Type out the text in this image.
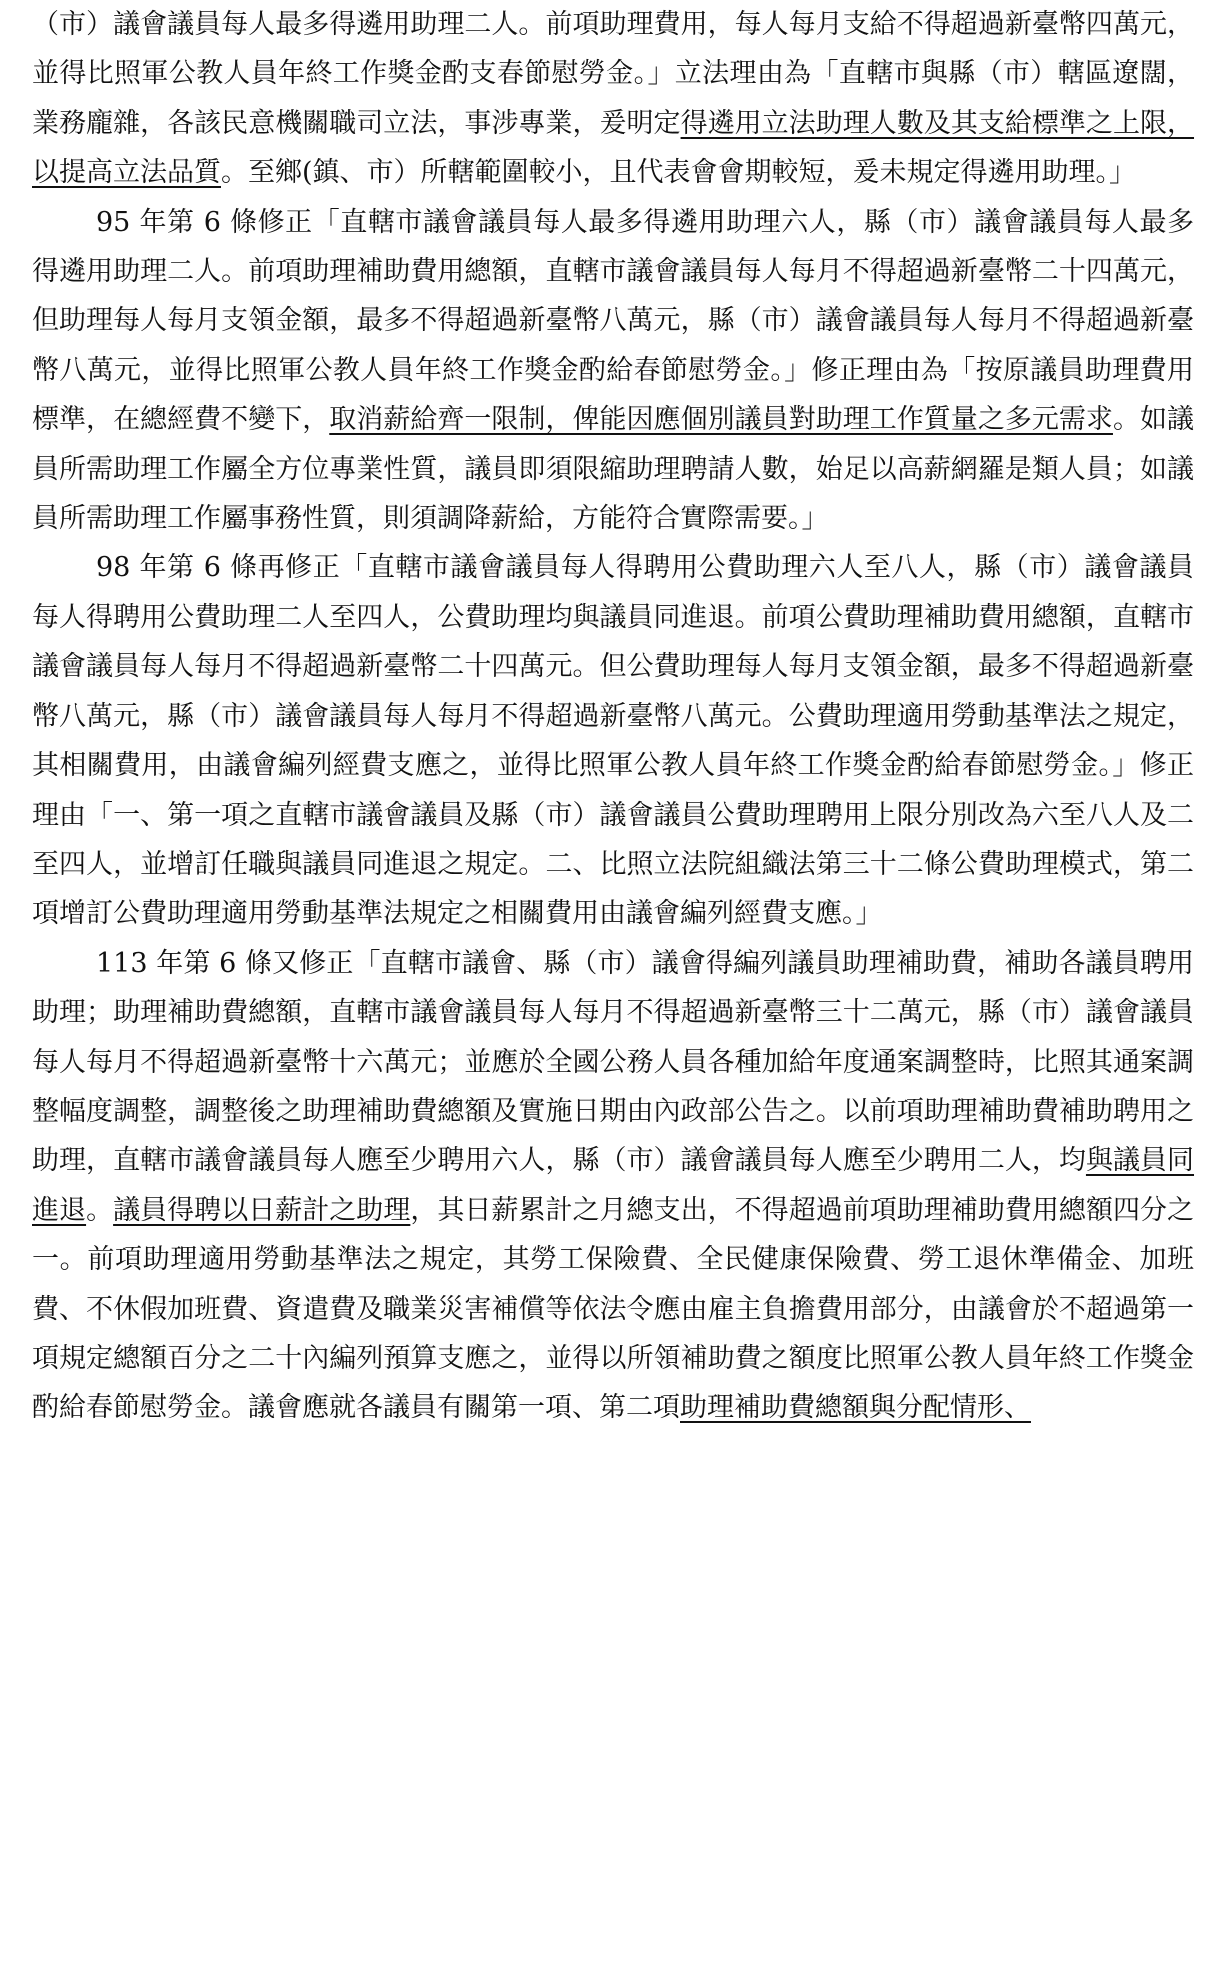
（市）議會議員每人最多得遴用助理二人。前項助理費用，每人每月支給不得超過新臺幣四萬元，並得比照軍公教人員年終工作獎金酌支春節慰勞金。」立法理由為「直轄市與縣（市）轄區遼闊，業務龐雜，各該民意機關職司立法，事涉專業，爰明定得遴用立法助理人數及其支給標準之上限，以提高立法品質。至鄉(鎮、市）所轄範圍較小，且代表會會期較短，爰未規定得遴用助理。」

95 年第 6 條修正「直轄市議會議員每人最多得遴用助理六人，縣（市）議會議員每人最多得遴用助理二人。前項助理補助費用總額，直轄市議會議員每人每月不得超過新臺幣二十四萬元，但助理每人每月支領金額，最多不得超過新臺幣八萬元，縣（市）議會議員每人每月不得超過新臺幣八萬元，並得比照軍公教人員年終工作獎金酌給春節慰勞金。」修正理由為「按原議員助理費用標準，在總經費不變下，取消薪給齊一限制，俾能因應個別議員對助理工作質量之多元需求。如議員所需助理工作屬全方位專業性質，議員即須限縮助理聘請人數，始足以高薪網羅是類人員；如議員所需助理工作屬事務性質，則須調降薪給，方能符合實際需要。」

98 年第 6 條再修正「直轄市議會議員每人得聘用公費助理六人至八人，縣（市）議會議員每人得聘用公費助理二人至四人，公費助理均與議員同進退。前項公費助理補助費用總額，直轄市議會議員每人每月不得超過新臺幣二十四萬元。但公費助理每人每月支領金額，最多不得超過新臺幣八萬元，縣（市）議會議員每人每月不得超過新臺幣八萬元。公費助理適用勞動基準法之規定，其相關費用，由議會編列經費支應之，並得比照軍公教人員年終工作獎金酌給春節慰勞金。」修正理由「一、第一項之直轄市議會議員及縣（市）議會議員公費助理聘用上限分別改為六至八人及二至四人，並增訂任職與議員同進退之規定。二、比照立法院組織法第三十二條公費助理模式，第二項增訂公費助理適用勞動基準法規定之相關費用由議會編列經費支應。」

113 年第 6 條又修正「直轄市議會、縣（市）議會得編列議員助理補助費，補助各議員聘用助理；助理補助費總額，直轄市議會議員每人每月不得超過新臺幣三十二萬元，縣（市）議會議員每人每月不得超過新臺幣十六萬元；並應於全國公務人員各種加給年度通案調整時，比照其通案調整幅度調整，調整後之助理補助費總額及實施日期由內政部公告之。以前項助理補助費補助聘用之助理，直轄市議會議員每人應至少聘用六人，縣（市）議會議員每人應至少聘用二人，均與議員同進退。議員得聘以日薪計之助理，其日薪累計之月總支出，不得超過前項助理補助費用總額四分之一。前項助理適用勞動基準法之規定，其勞工保險費、全民健康保險費、勞工退休準備金、加班費、不休假加班費、資遣費及職業災害補償等依法令應由雇主負擔費用部分，由議會於不超過第一項規定總額百分之二十內編列預算支應之，並得以所領補助費之額度比照軍公教人員年終工作獎金酌給春節慰勞金。議會應就各議員有關第一項、第二項助理補助費總額與分配情形、
